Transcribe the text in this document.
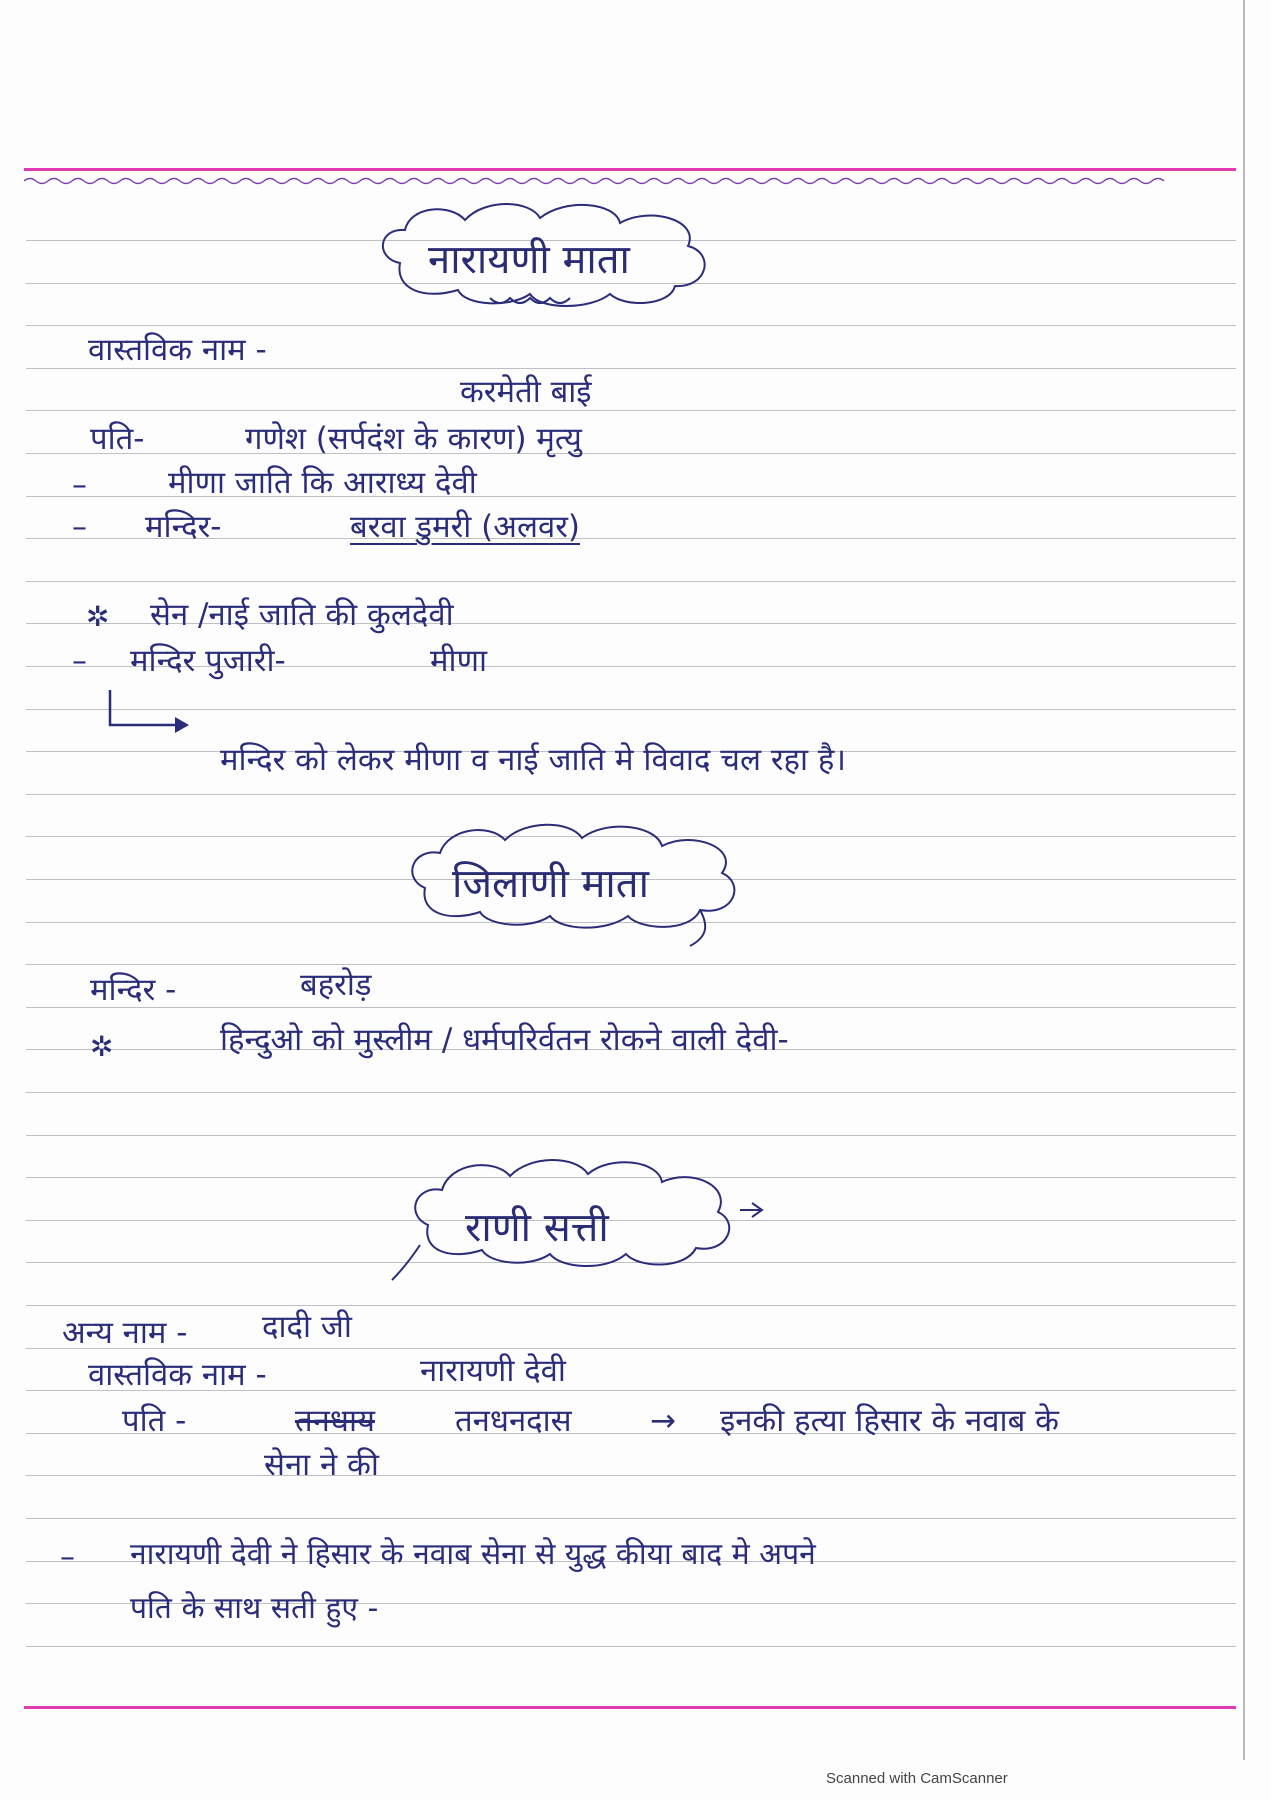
नारायणी माता
वास्तविक नाम -
करमेती बाई
पति-	गणेश (सर्पदंश के कारण) मृत्यु
–	मीणा जाति कि आराध्य देवी
– मन्दिर-	बरवा डुमरी (अलवर)
✲ सेन /नाई जाति की कुलदेवी
– मन्दिर पुजारी-	मीणा
मन्दिर को लेकर मीणा व नाई जाति मे विवाद चल रहा है।
जिलाणी माता
मन्दिर -	बहरोड़
✲	हिन्दुओ को मुस्लीम / धर्मपरिर्वतन रोकने वाली देवी-
राणी सत्ती
अन्य नाम - दादी जी
वास्तविक नाम -	नारायणी देवी
पति -	तनधाय	तनधनदास	→ इनकी हत्या हिसार के नवाब के
सेना ने की
– नारायणी देवी ने हिसार के नवाब सेना से युद्ध कीया बाद मे अपने
पति के साथ सती हुए -
Scanned with CamScanner
